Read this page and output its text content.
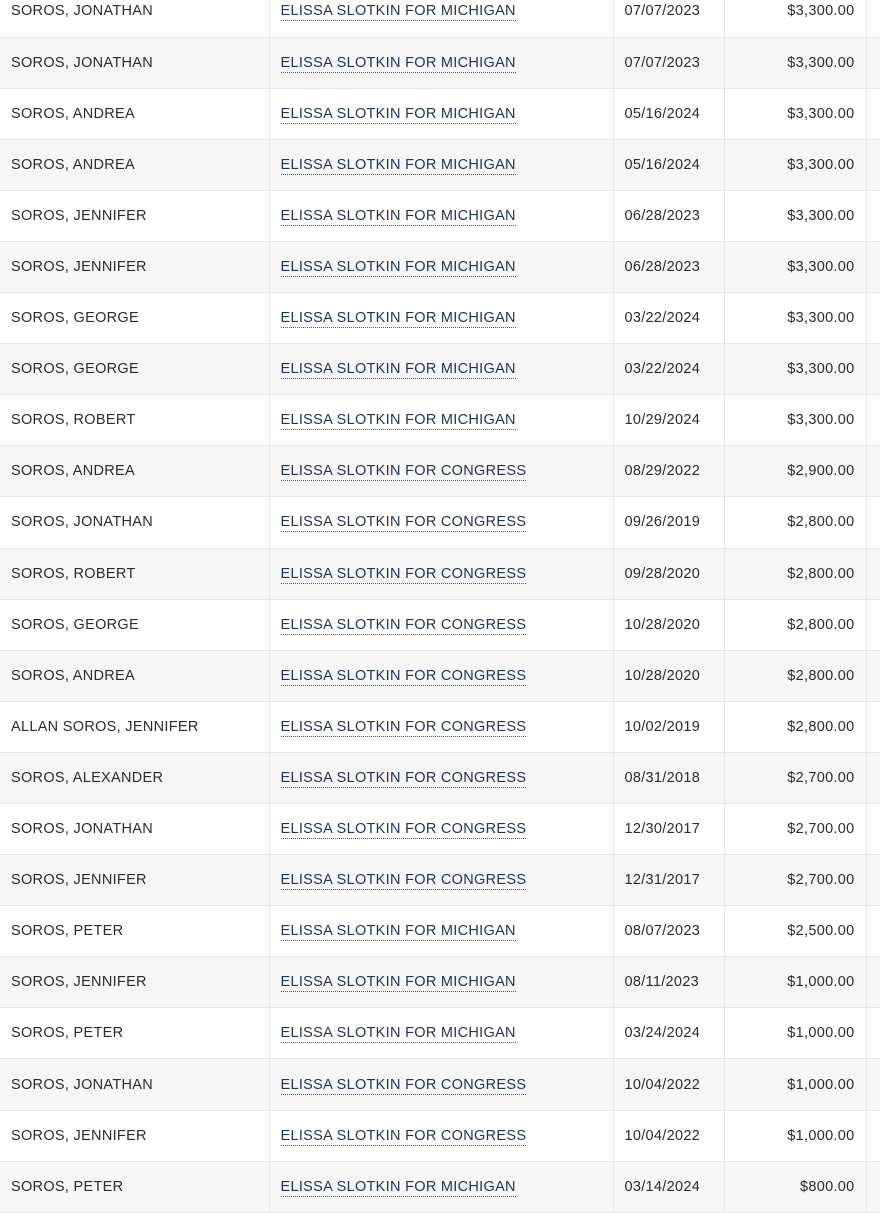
SOROS, JONATHAN	ELISSA SLOTKIN FOR MICHIGAN	07/07/2023	$3,300.00	
SOROS, JONATHAN	ELISSA SLOTKIN FOR MICHIGAN	07/07/2023	$3,300.00	
SOROS, ANDREA	ELISSA SLOTKIN FOR MICHIGAN	05/16/2024	$3,300.00	
SOROS, ANDREA	ELISSA SLOTKIN FOR MICHIGAN	05/16/2024	$3,300.00	
SOROS, JENNIFER	ELISSA SLOTKIN FOR MICHIGAN	06/28/2023	$3,300.00	
SOROS, JENNIFER	ELISSA SLOTKIN FOR MICHIGAN	06/28/2023	$3,300.00	
SOROS, GEORGE	ELISSA SLOTKIN FOR MICHIGAN	03/22/2024	$3,300.00	
SOROS, GEORGE	ELISSA SLOTKIN FOR MICHIGAN	03/22/2024	$3,300.00	
SOROS, ROBERT	ELISSA SLOTKIN FOR MICHIGAN	10/29/2024	$3,300.00	
SOROS, ANDREA	ELISSA SLOTKIN FOR CONGRESS	08/29/2022	$2,900.00	
SOROS, JONATHAN	ELISSA SLOTKIN FOR CONGRESS	09/26/2019	$2,800.00	
SOROS, ROBERT	ELISSA SLOTKIN FOR CONGRESS	09/28/2020	$2,800.00	
SOROS, GEORGE	ELISSA SLOTKIN FOR CONGRESS	10/28/2020	$2,800.00	
SOROS, ANDREA	ELISSA SLOTKIN FOR CONGRESS	10/28/2020	$2,800.00	
ALLAN SOROS, JENNIFER	ELISSA SLOTKIN FOR CONGRESS	10/02/2019	$2,800.00	
SOROS, ALEXANDER	ELISSA SLOTKIN FOR CONGRESS	08/31/2018	$2,700.00	
SOROS, JONATHAN	ELISSA SLOTKIN FOR CONGRESS	12/30/2017	$2,700.00	
SOROS, JENNIFER	ELISSA SLOTKIN FOR CONGRESS	12/31/2017	$2,700.00	
SOROS, PETER	ELISSA SLOTKIN FOR MICHIGAN	08/07/2023	$2,500.00	
SOROS, JENNIFER	ELISSA SLOTKIN FOR MICHIGAN	08/11/2023	$1,000.00	
SOROS, PETER	ELISSA SLOTKIN FOR MICHIGAN	03/24/2024	$1,000.00	
SOROS, JONATHAN	ELISSA SLOTKIN FOR CONGRESS	10/04/2022	$1,000.00	
SOROS, JENNIFER	ELISSA SLOTKIN FOR CONGRESS	10/04/2022	$1,000.00	
SOROS, PETER	ELISSA SLOTKIN FOR MICHIGAN	03/14/2024	$800.00	
